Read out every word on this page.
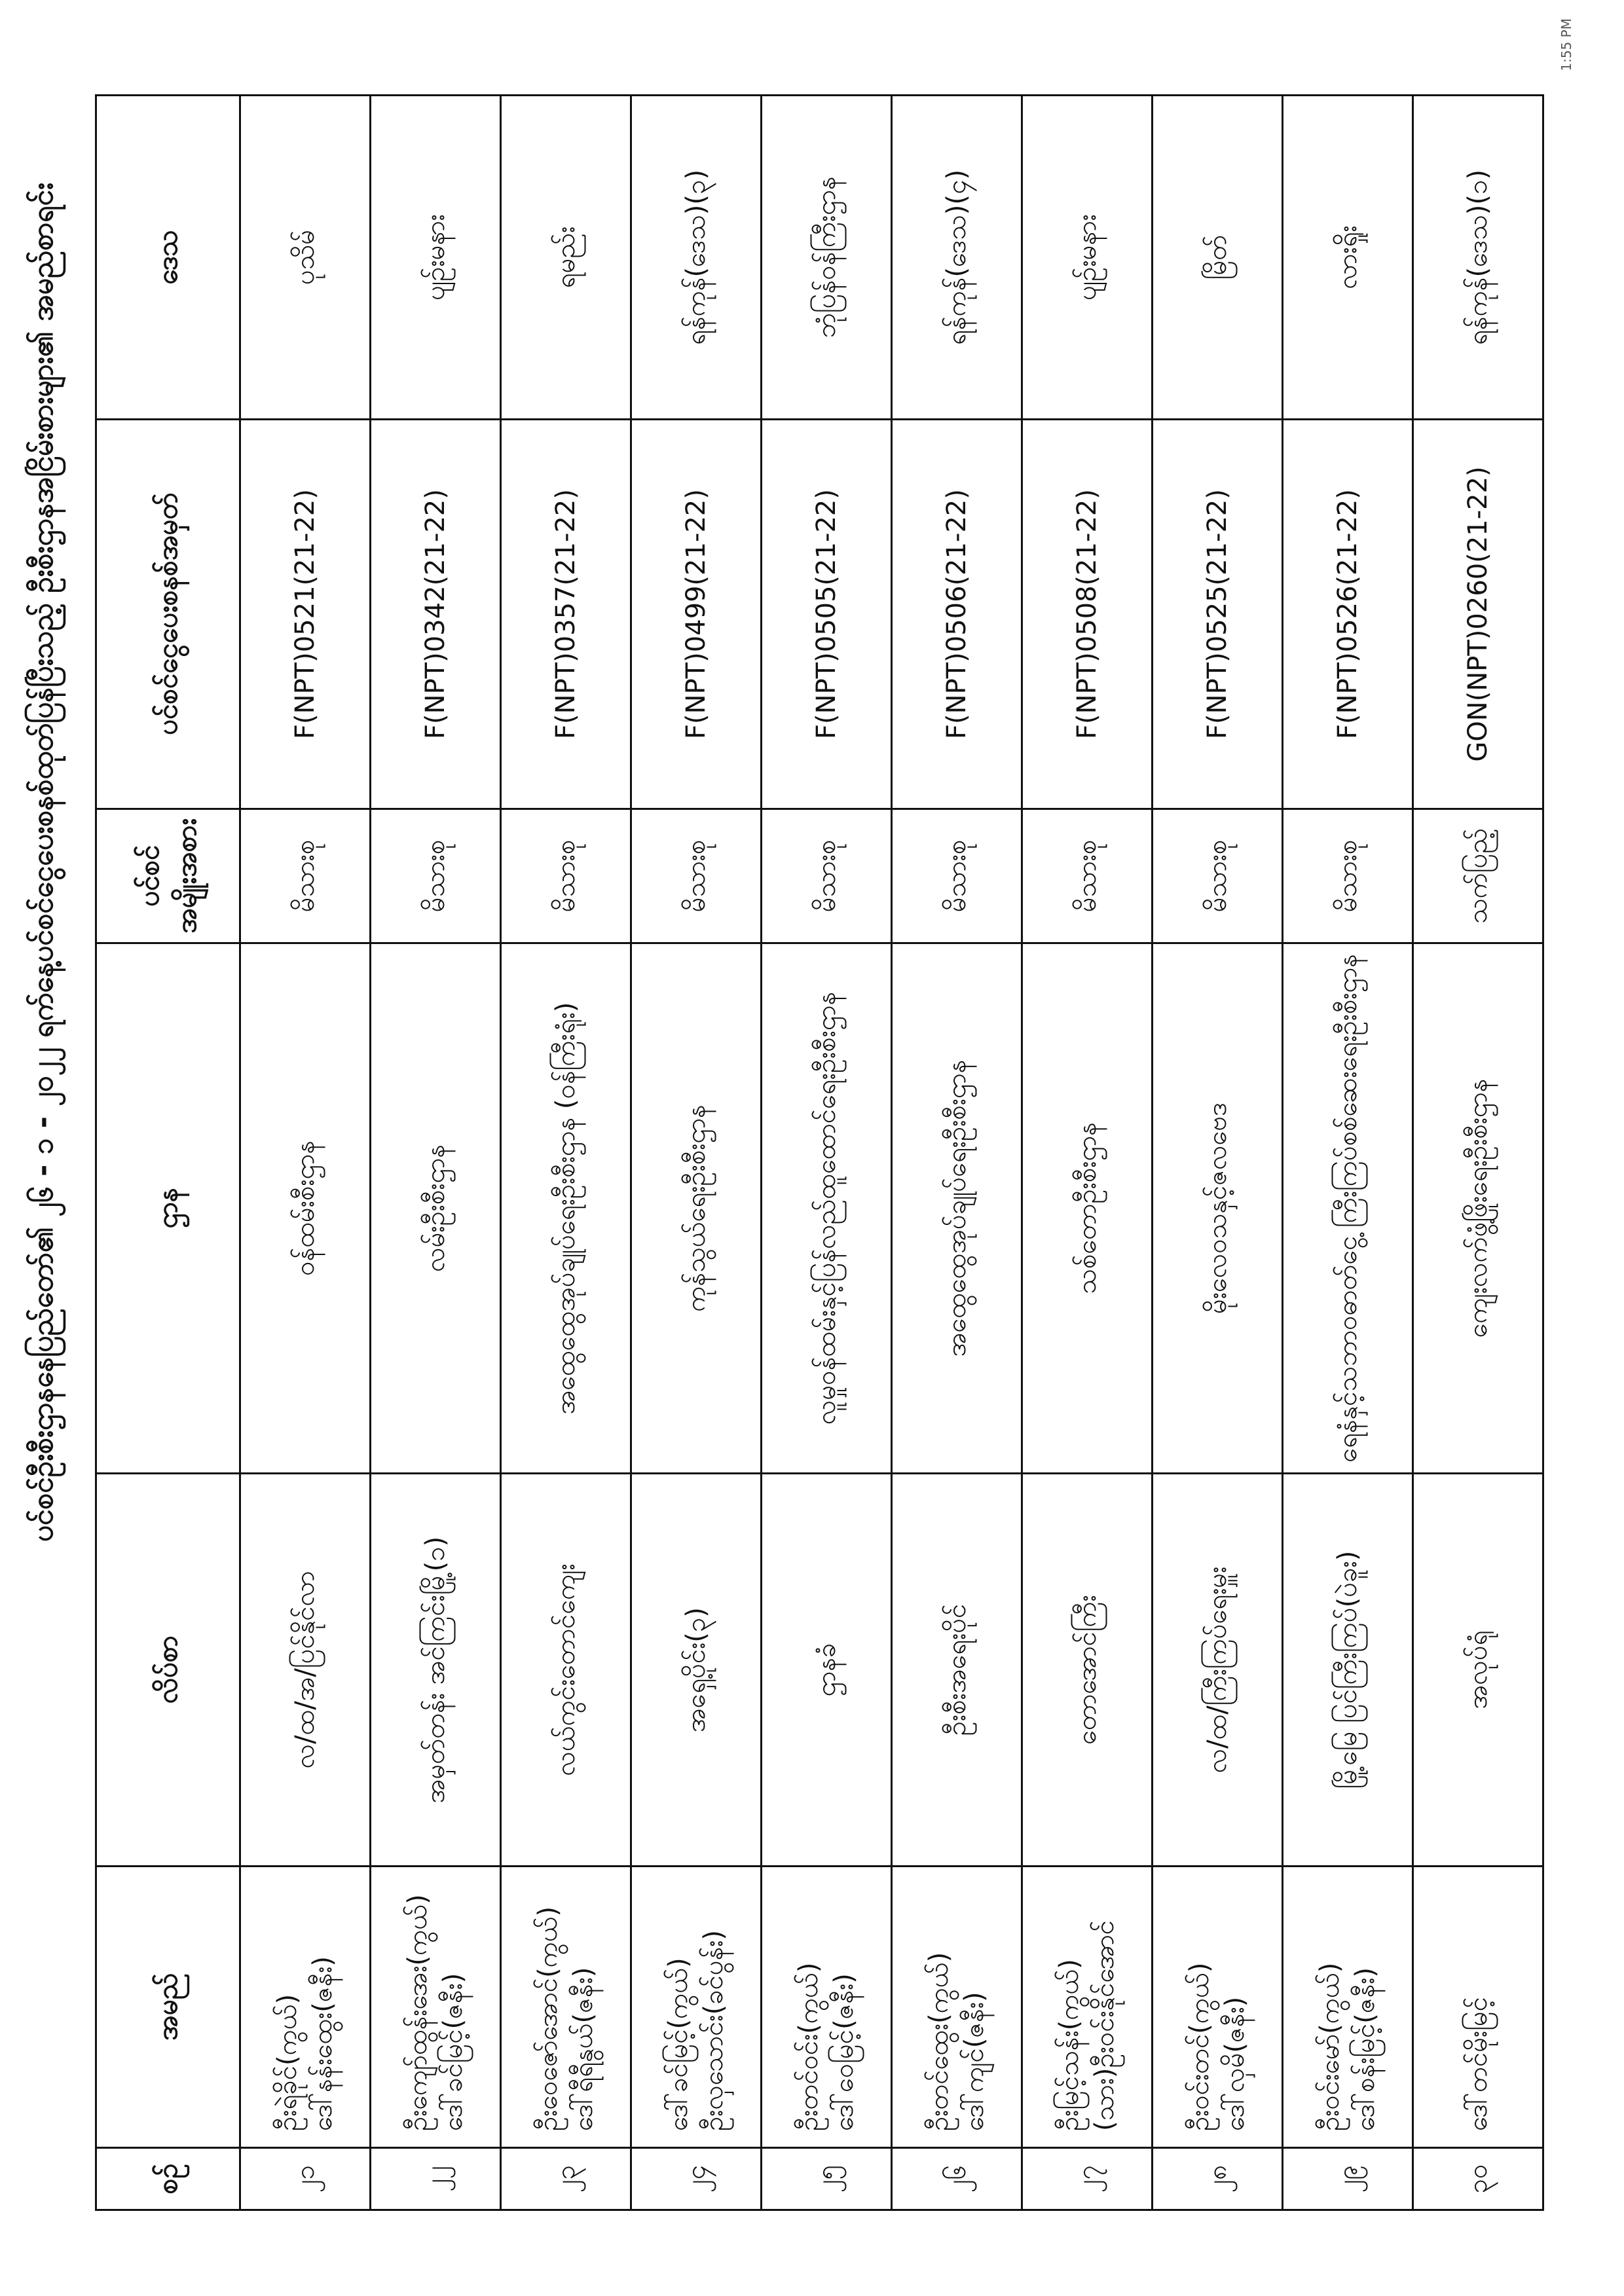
ပင်စင်ဦးစီးဌာနနေပြည်တော်၏ ၂၆ - ၁ - ၂၀၂၂ ရက်နေ့ပင်စင်ငွေပေးစနစ်ထုတ်ပြန်ပြီးသည့် ဦးစီးဌာနအငြိမ်းစားများ၏ အမည်စာရင်း
စဉ်	အမည်	လိပ်စာ	ဌာန	ပင်စင် အမျိုးအစား	ပင်စင်ငွေပေးစနစ်အမှတ်	ဒေသ
၂၁	ဦးရဲခိုင်(ကွယ်) ဒေါ်နန်းထွေး(ဇနီး)	လ/ထ/အ/ပြင်နိုင်လာ	ဝန်ထမ်းစီးဌာန	မိသားစု	F(NPT)0521(21-22)	ပုသိမ်
၂၂	ဦးကျော်ထွန်းအေး(ကွယ်) ဒေါ်ခင်မြင့်(ဇနီး)	အမှတ်တန်း အင်ကြင်းမြို့(၁)	လမ်းဦးစီးဌာန	မိသားစု	F(NPT)0342(21-22)	ပျဉ်းမနား
၂၃	ဦးဝေဇော်အောင်(ကွယ်) ဒေါ်ရီရီနွယ်(ဇနီး)	လယ်ကွင်းတောင်ကျေး	အထွေထွေအုပ်ချုပ်ရေးဦးစီးဌာန (ဝန်ကြီးရုံး)	မိသားစု	F(NPT)0357(21-22)	ရမည်း
၂၄	ဒေါ်ခင်မြင့်(ကွယ်) ဦးလှသောင်း(ခင်ပွန်း)	အရှေ့ပိုင်း(၃)	ကုန်သွယ်ရေးဦးစီးဌာန	မိသားစု	F(NPT)0499(21-22)	ရန်ကုန်(ဒေသ)(၃)
၂၅	ဦးတင်ဝင်း(ကွယ်) ဒေါ်ဝေမြင့်(ဇနီး)	ဌာနခံ	လူမှုဝန်ထမ်းနှင့်ပြန်လည်ထူထောင်ရေးဦးစီးဌာန	မိသားစု	F(NPT)0505(21-22)	ဘုံပြန်ဝန်ကြီးဌာန
၂၆	ဦးတင်ထွေး(ကွယ်) ဒေါ်ကျင်(ဇနီး)	ဦးစီးအရေးပိုင်	အထွေထွေအုပ်ချုပ်ရေးဦးစီးဌာန	မိသားစု	F(NPT)0506(21-22)	ရန်ကုန်(ဒေသ)(၄)
၂၇	ဦးမြင့်သန်း(ကွယ်) (သား)ဦးဝင်းနိုင်အောင်	တောအောင်ကြီး	သစ်တောဦးစီးဌာန	မိသားစု	F(NPT)0508(21-22)	ပျဉ်းမနား
၂၈	ဦးဝင်းတင်(ကွယ်) ဒေါ်လှမိ(ဇနီး)	လ/ထ/ကြီးကြပ်ရေးမှူး	မိုးလေဝသနှင့်ဇလဗေဒ	မိသားစု	F(NPT)0525(21-22)	မြိတ်
၂၉	ဦးဝင်းမော်(ကွယ်) ဒေါ်စန်းမြင့်(ဇနီး)	မြို့မြေ ပြင်ကြီးကြပ်(ပဲခူး)	ရေနံနှင့်သဘာဝဓာတ်ငွေ့ ကြီးကြပ်စစ်ဆေးရေးဦးစီးဌာန	မိသားစု	F(NPT)0526(21-22)	လားရှိုး
၃၀	ဒေါ်တင်မိုးမြင့်	အလုပ်ရုံ	ကျေးလက်ဖွံ့ဖြိုးရေးဦးစီးဌာန	သက်ပြည့်	GON(NPT)0260(21-22)	ရန်ကုန်(ဒေသ)(၁)
1:55 PM
